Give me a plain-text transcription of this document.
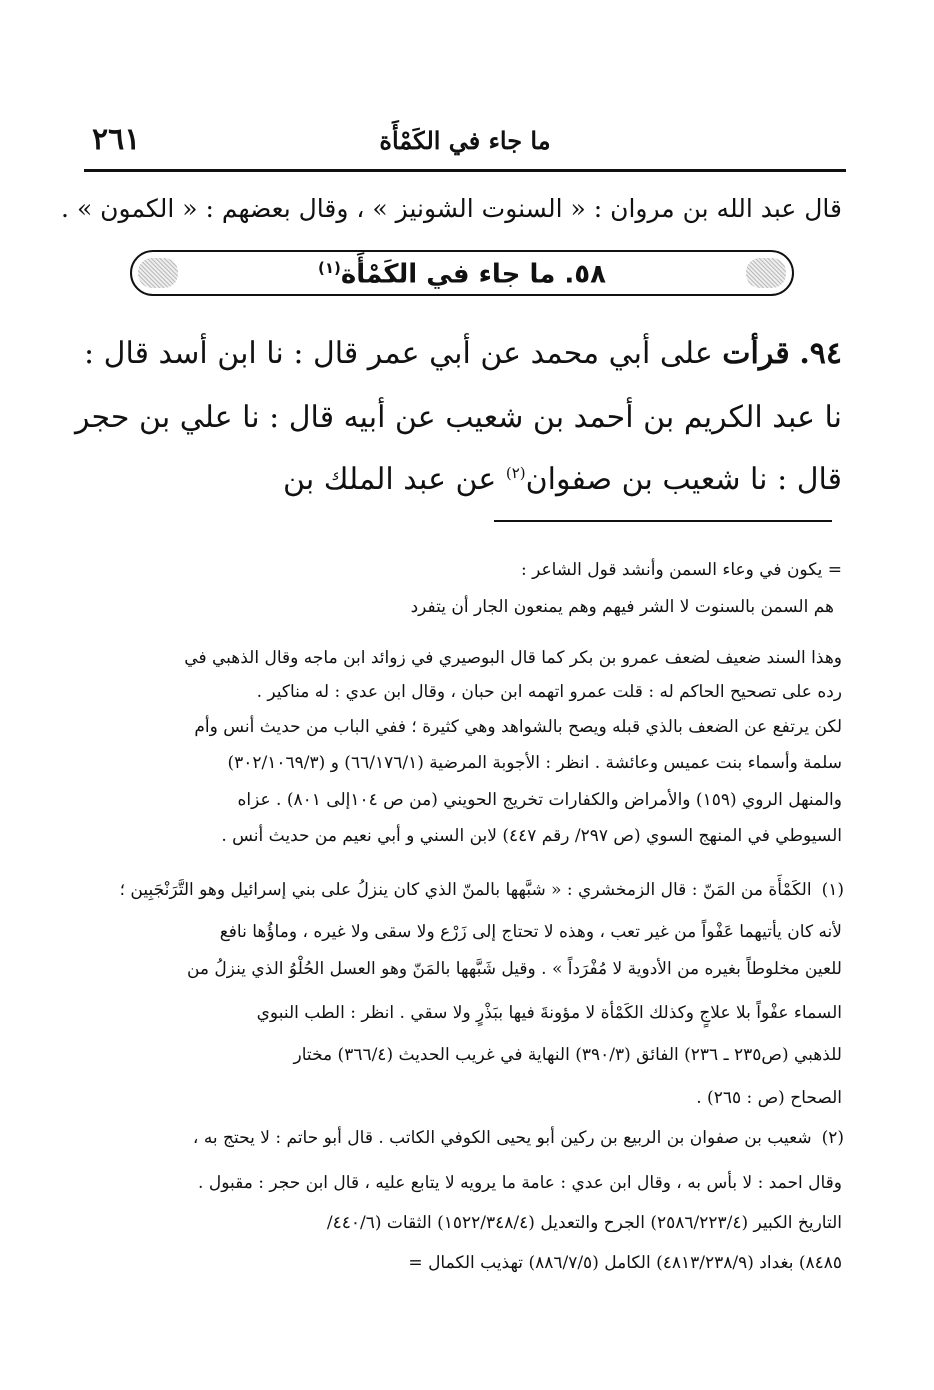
ما جاء في الكَمْأَة
٢٦١
قال عبد الله بن مروان : « السنوت الشونيز » ، وقال بعضهم : « الكمون » .
٥٨. ما جاء في الكَمْأَة$^{(١)}$
٩٤. قرأت على أبي محمد عن أبي عمر قال : نا ابن أسد قال :
نا عبد الكريم بن أحمد بن شعيب عن أبيه قال : نا علي بن حجر
قال : نا شعيب بن صفوان$^{(٢)}$ عن عبد الملك بن
= يكون في وعاء السمن وأنشد قول الشاعر :
هم السمن بالسنوت لا الشر فيهم وهم يمنعون الجار أن يتفرد
وهذا السند ضعيف لضعف عمرو بن بكر كما قال البوصيري في زوائد ابن ماجه وقال الذهبي في
رده على تصحيح الحاكم له : قلت عمرو اتهمه ابن حبان ، وقال ابن عدي : له مناكير .
لكن يرتفع عن الضعف بالذي قبله ويصح بالشواهد وهي كثيرة ؛ ففي الباب من حديث أنس وأم
سلمة وأسماء بنت عميس وعائشة . انظر : الأجوبة المرضية (٦٦/١٧٦/١) و (٣٠٢/١٠٦٩/٣)
والمنهل الروي (١٥٩) والأمراض والكفارات تخريج الحويني (من ص ١٠٤إلى ٨٠١) . عزاه
السيوطي في المنهج السوي (ص ٢٩٧/ رقم ٤٤٧) لابن السني و أبي نعيم من حديث أنس .
(١)الكَمْأَة من المَنّ : قال الزمخشري : « شبَّهها بالمنّ الذي كان ينزلُ على بني إسرائيل وهو التَّرَنْجَبِين ؛
لأنه كان يأتيهما عَفْواً من غير تعب ، وهذه لا تحتاج إلى زَرْع ولا سقى ولا غيره ، وماؤُها نافع
للعين مخلوطاً بغيره من الأدوية لا مُفْرَداً » . وقيل شَبَّهها بالمَنّ وهو العسل الحُلْوُ الذي ينزلُ من
السماء عفْواً بلا علاجٍ وكذلك الكَمْأة لا مؤونةَ فيها ببَذْرٍ ولا سقي . انظر : الطب النبوي
للذهبي (ص٢٣٥ ـ ٢٣٦) الفائق (٣٩٠/٣) النهاية في غريب الحديث (٣٦٦/٤) مختار
الصحاح (ص : ٢٦٥) .
(٢)شعيب بن صفوان بن الربيع بن ركين أبو يحيى الكوفي الكاتب . قال أبو حاتم : لا يحتج به ،
وقال احمد : لا بأس به ، وقال ابن عدي : عامة ما يرويه لا يتابع عليه ، قال ابن حجر : مقبول .
التاريخ الكبير (٢٥٨٦/٢٢٣/٤) الجرح والتعديل (١٥٢٢/٣٤٨/٤) الثقات (٤٤٠/٦/
٨٤٨٥) بغداد (٤٨١٣/٢٣٨/٩) الكامل (٨٨٦/٧/٥) تهذيب الكمال =
